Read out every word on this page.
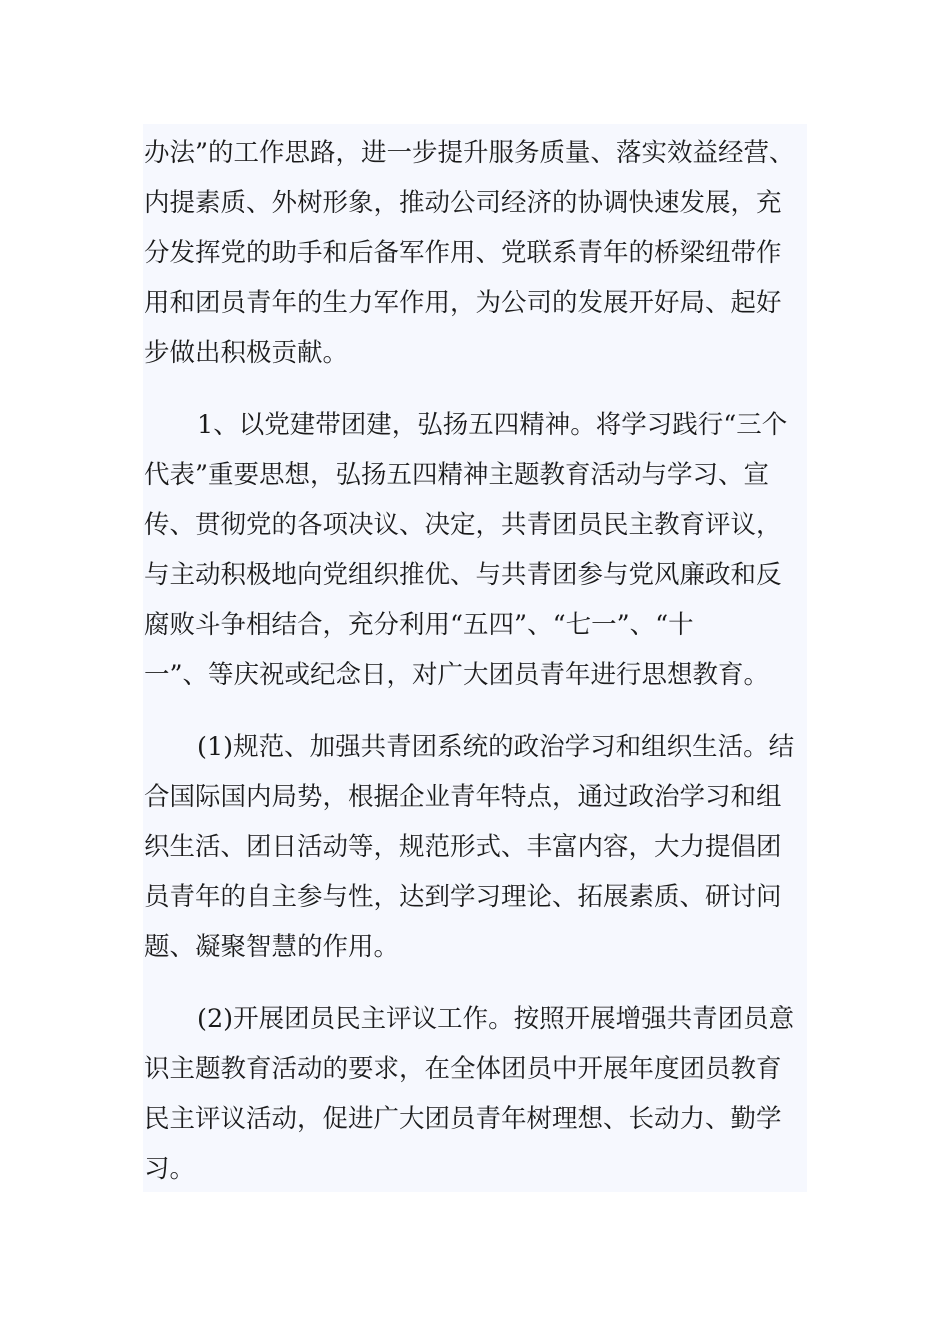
办法”的工作思路，进一步提升服务质量、落实效益经营、
内提素质、外树形象，推动公司经济的协调快速发展，充
分发挥党的助手和后备军作用、党联系青年的桥梁纽带作
用和团员青年的生力军作用，为公司的发展开好局、起好
步做出积极贡献。
1、以党建带团建，弘扬五四精神。将学习践行“三个
代表”重要思想，弘扬五四精神主题教育活动与学习、宣
传、贯彻党的各项决议、决定，共青团员民主教育评议，
与主动积极地向党组织推优、与共青团参与党风廉政和反
腐败斗争相结合，充分利用“五四”、“七一”、“十
一”、等庆祝或纪念日，对广大团员青年进行思想教育。
(1)规范、加强共青团系统的政治学习和组织生活。结
合国际国内局势，根据企业青年特点，通过政治学习和组
织生活、团日活动等，规范形式、丰富内容，大力提倡团
员青年的自主参与性，达到学习理论、拓展素质、研讨问
题、凝聚智慧的作用。
(2)开展团员民主评议工作。按照开展增强共青团员意
识主题教育活动的要求，在全体团员中开展年度团员教育
民主评议活动，促进广大团员青年树理想、长动力、勤学
习。
